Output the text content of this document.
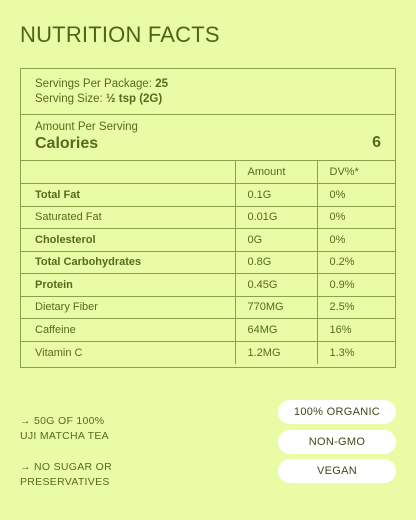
NUTRITION FACTS
Servings Per Package: 25
Serving Size: ½ tsp (2G)
Amount Per Serving
Calories	6
	Amount	DV%*
Total Fat	0.1G	0%
Saturated Fat	0.01G	0%
Cholesterol	0G	0%
Total Carbohydrates	0.8G	0.2%
Protein	0.45G	0.9%
Dietary Fiber	770MG	2.5%
Caffeine	64MG	16%
Vitamin C	1.2MG	1.3%
→ 50G OF 100%
UJI MATCHA TEA
→ NO SUGAR OR
PRESERVATIVES
100% ORGANIC
NON-GMO
VEGAN
